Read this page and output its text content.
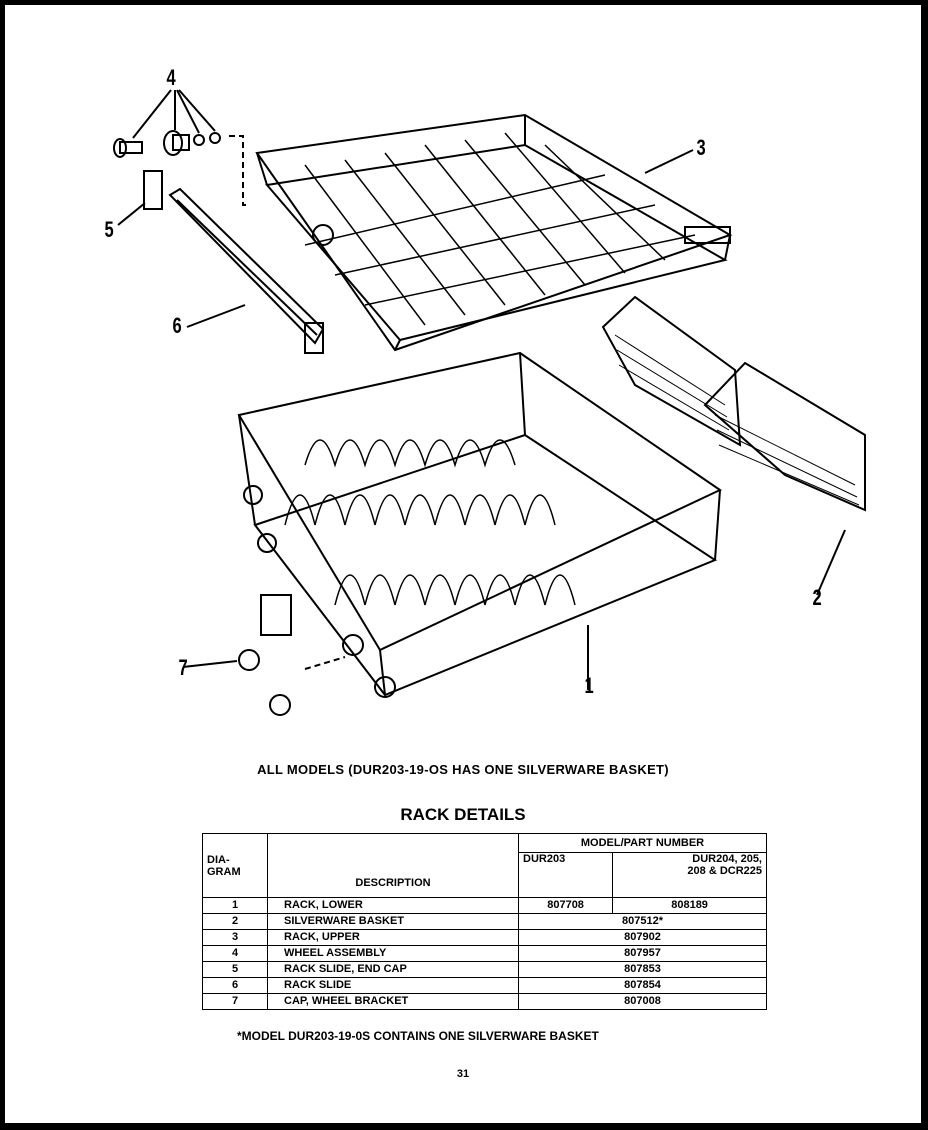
4
5
6
3
2
1
7
ALL MODELS (DUR203-19-OS HAS ONE SILVERWARE BASKET)
RACK DETAILS
DIA-
GRAM	DESCRIPTION	MODEL/PART NUMBER	
		DUR203	DUR204, 205,
208 & DCR225

1	RACK, LOWER	807708	808189
2	SILVERWARE BASKET	807512*	
3	RACK, UPPER	807902	
4	WHEEL ASSEMBLY	807957	
5	RACK SLIDE, END CAP	807853	
6	RACK SLIDE	807854	
7	CAP, WHEEL BRACKET	807008	
*MODEL DUR203-19-0S CONTAINS ONE SILVERWARE BASKET
31
